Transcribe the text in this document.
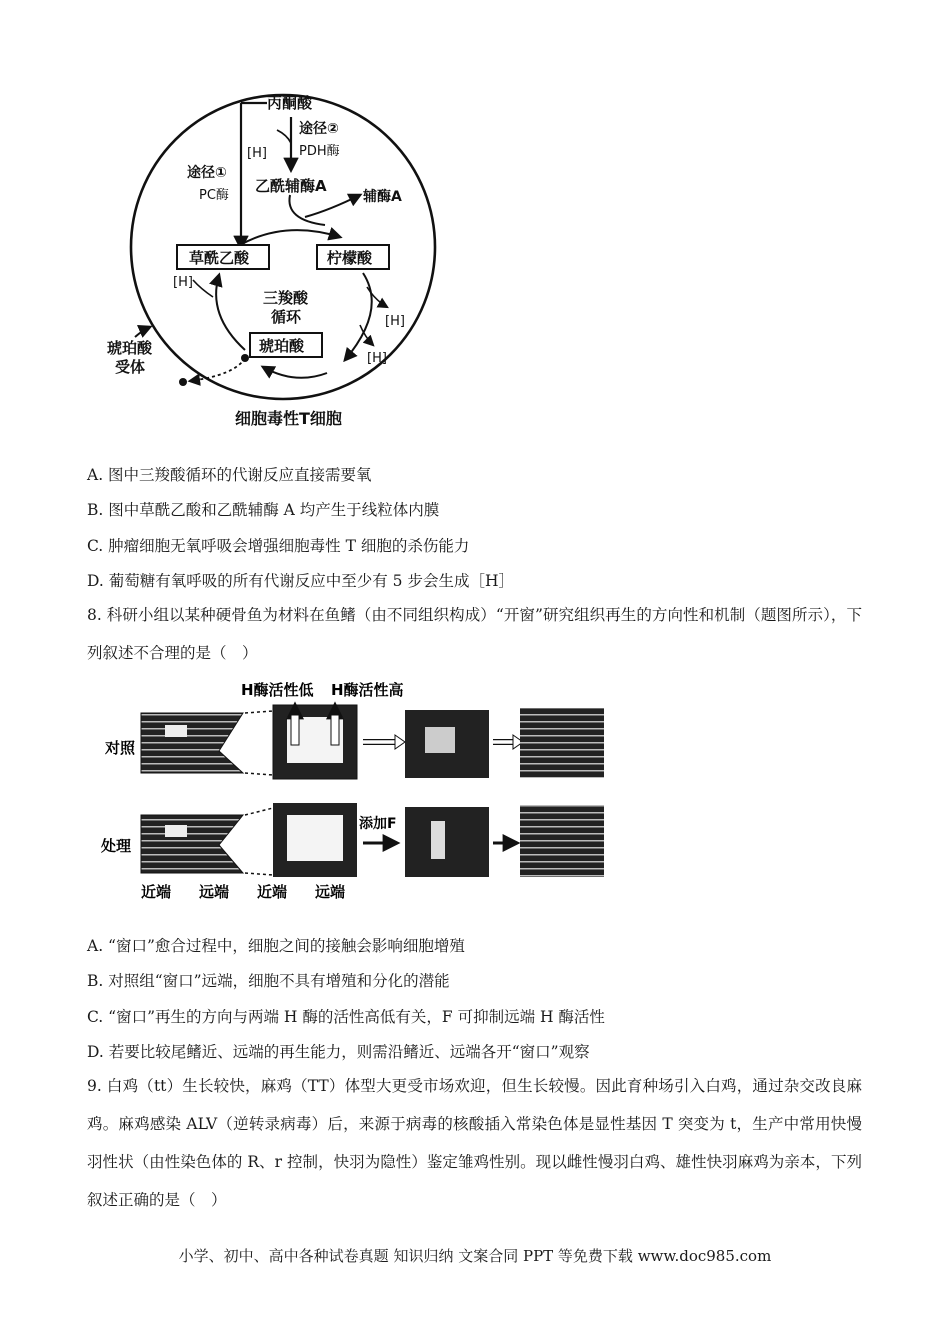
丙酮酸
途径②
PDH酶
[H]
途径①
PC酶
乙酰辅酶A
辅酶A
草酰乙酸	柠檬酸
[H]
三羧酸
循环	[H]
[H]
琥珀酸
琥珀酸
受体
细胞毒性T细胞
A. 图中三羧酸循环的代谢反应直接需要氧
B. 图中草酰乙酸和乙酰辅酶 A 均产生于线粒体内膜
C. 肿瘤细胞无氧呼吸会增强细胞毒性 T 细胞的杀伤能力
D. 葡萄糖有氧呼吸的所有代谢反应中至少有 5 步会生成［H］
8. 科研小组以某种硬骨鱼为材料在鱼鳍（由不同组织构成）“开窗”研究组织再生的方向性和机制（题图所示），下列叙述不合理的是（　）
H酶活性低 H酶活性高
对照
处理
添加F
近端 远端 近端 远端
A. “窗口”愈合过程中，细胞之间的接触会影响细胞增殖
B. 对照组“窗口”远端，细胞不具有增殖和分化的潜能
C. “窗口”再生的方向与两端 H 酶的活性高低有关，F 可抑制远端 H 酶活性
D. 若要比较尾鳍近、远端的再生能力，则需沿鳍近、远端各开“窗口”观察
9. 白鸡（tt）生长较快，麻鸡（TT）体型大更受市场欢迎，但生长较慢。因此育种场引入白鸡，通过杂交改良麻鸡。麻鸡感染 ALV（逆转录病毒）后，来源于病毒的核酸插入常染色体是显性基因 T 突变为 t，生产中常用快慢羽性状（由性染色体的 R、r 控制，快羽为隐性）鉴定雏鸡性别。现以雌性慢羽白鸡、雄性快羽麻鸡为亲本，下列叙述正确的是（　）
小学、初中、高中各种试卷真题 知识归纳 文案合同 PPT 等免费下载 www.doc985.com
